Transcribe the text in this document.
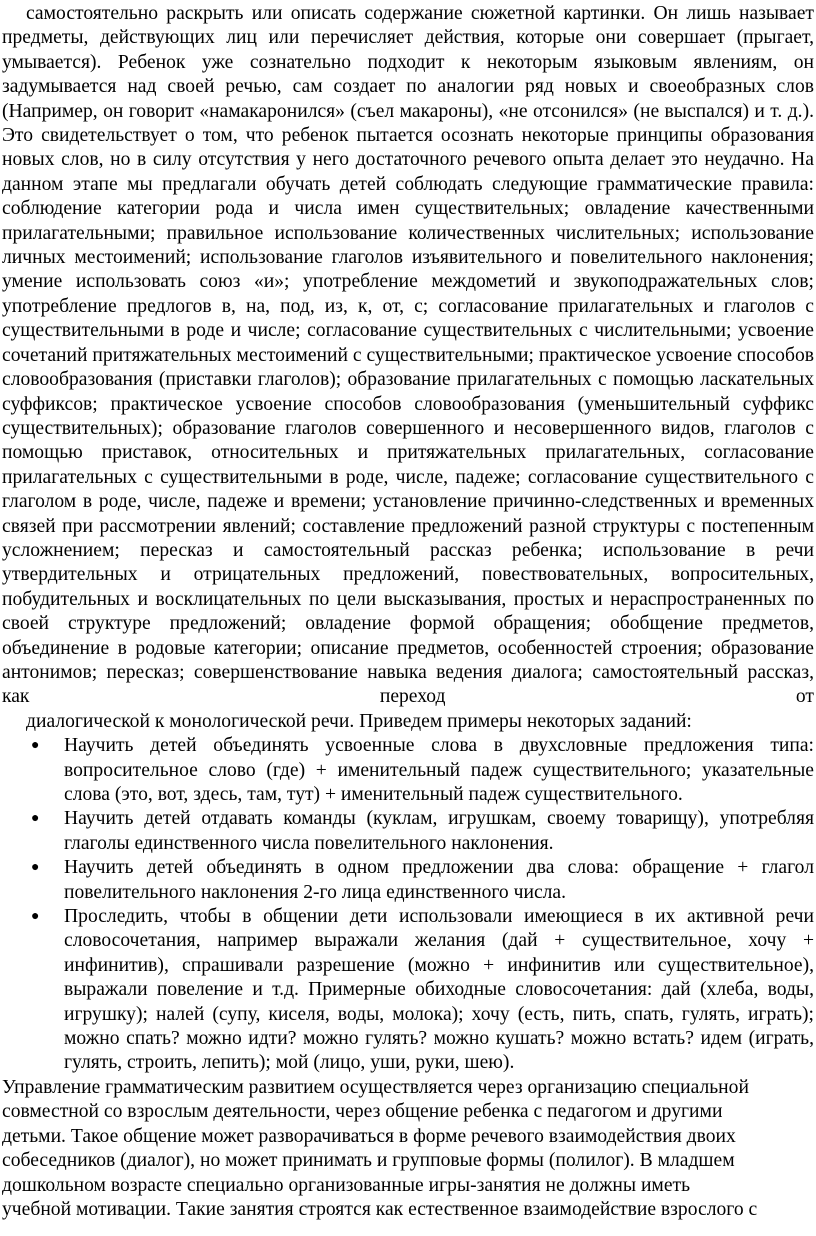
самостоятельно раскрыть или описать содержание сюжетной картинки. Он лишь называет предметы, действующих лиц или перечисляет действия, которые они совершает (прыгает, умывается). Ребенок уже сознательно подходит к некоторым языковым явлениям, он задумывается над своей речью, сам создает по аналогии ряд новых и своеобразных слов (Например, он говорит «намакаронился» (съел макароны), «не отсонился» (не выспался) и т. д.). Это свидетельствует о том, что ребенок пытается осознать некоторые принципы образования новых слов, но в силу отсутствия у него достаточного речевого опыта делает это неудачно. На данном этапе мы предлагали обучать детей соблюдать следующие грамматические правила: соблюдение категории рода и числа имен существительных; овладение качественными прилагательными; правильное использование количественных числительных; использование личных местоимений; использование глаголов изъявительного и повелительного наклонения; умение использовать союз «и»; употребление междометий и звукоподражательных слов; употребление предлогов в, на, под, из, к, от, с; согласование прилагательных и глаголов с существительными в роде и числе; согласование существительных с числительными; усвоение сочетаний притяжательных местоимений с существительными; практическое усвоение способов словообразования (приставки глаголов); образование прилагательных с помощью ласкательных суффиксов; практическое усвоение способов словообразования (уменьшительный суффикс существительных); образование глаголов совершенного и несовершенного видов, глаголов с помощью приставок, относительных и притяжательных прилагательных, согласование прилагательных с существительными в роде, числе, падеже; согласование существительного с глаголом в роде, числе, падеже и времени; установление причинно-следственных и временных связей при рассмотрении явлений; составление предложений разной структуры с постепенным усложнением; пересказ и самостоятельный рассказ ребенка; использование в речи утвердительных и отрицательных предложений, повествовательных, вопросительных, побудительных и восклицательных по цели высказывания, простых и нераспространенных по своей структуре предложений; овладение формой обращения; обобщение предметов, объединение в родовые категории; описание предметов, особенностей строения; образование антонимов; пересказ; совершенствование навыка ведения диалога; самостоятельный рассказ, как переход от
диалогической к монологической речи. Приведем примеры некоторых заданий:

● Научить детей объединять усвоенные слова в двухсловные предложения типа: вопросительное слово (где) + именительный падеж существительного; указательные слова (это, вот, здесь, там, тут) + именительный падеж существительного.
● Научить детей отдавать команды (куклам, игрушкам, своему товарищу), употребляя глаголы единственного числа повелительного наклонения.
● Научить детей объединять в одном предложении два слова: обращение + глагол повелительного наклонения 2-го лица единственного числа.
● Проследить, чтобы в общении дети использовали имеющиеся в их активной речи словосочетания, например выражали желания (дай + существительное, хочу + инфинитив), спрашивали разрешение (можно + инфинитив или существительное), выражали повеление и т.д. Примерные обиходные словосочетания: дай (хлеба, воды, игрушку); налей (супу, киселя, воды, молока); хочу (есть, пить, спать, гулять, играть); можно спать? можно идти? можно гулять? можно кушать? можно встать? идем (играть, гулять, строить, лепить); мой (лицо, уши, руки, шею).

Управление грамматическим развитием осуществляется через организацию специальной

совместной со взрослым деятельности, через общение ребенка с педагогом и другими

детьми. Такое общение может разворачиваться в форме речевого взаимодействия двоих

собеседников (диалог), но может принимать и групповые формы (полилог). В младшем

дошкольном возрасте специально организованные игры-занятия не должны иметь

учебной мотивации. Такие занятия строятся как естественное взаимодействие взрослого с
